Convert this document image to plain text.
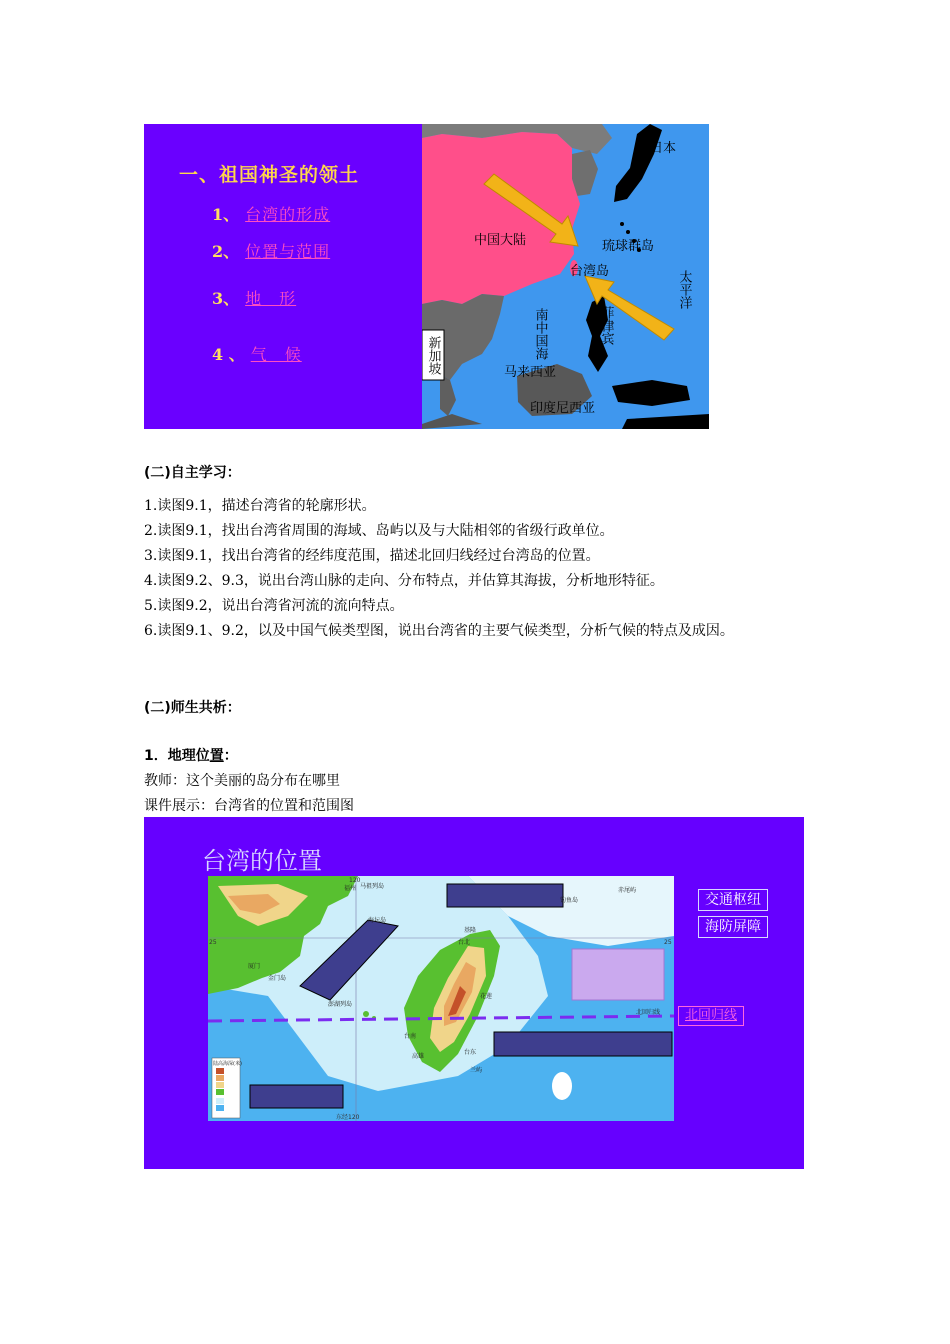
一、祖国神圣的领土
1、 台湾的形成
2、 位置与范围
3、 地　形
4 、 气　候
日本
中国大陆	琉球群岛
台湾岛	太平洋
南中国海	菲律宾
新加坡	马来西亚
印度尼西亚
(二)自主学习：

1.读图9.1，描述台湾省的轮廓形状。

2.读图9.1，找出台湾省周围的海域、岛屿以及与大陆相邻的省级行政单位。

3.读图9.1，找出台湾省的经纬度范围，描述北回归线经过台湾岛的位置。

4.读图9.2、9.3，说出台湾山脉的走向、分布特点，并估算其海拔，分析地形特征。

5.读图9.2，说出台湾省河流的流向特点。

6.读图9.1、9.2，以及中国气候类型图，说出台湾省的主要气候类型，分析气候的特点及成因。

(二)师生共析：
1．地理位置：
教师：这个美丽的岛分布在哪里
课件展示：台湾省的位置和范围图
台湾的位置
120
东经120
25	25
福州 马祖列岛
海坛岛
钓鱼岛
赤尾屿
基隆
台北
澎湖列岛
台南
高雄
花莲
台东
兰屿
金门岛
厦门
北回归线
陆高海深(米)
交通枢纽
海防屏障
北回归线
